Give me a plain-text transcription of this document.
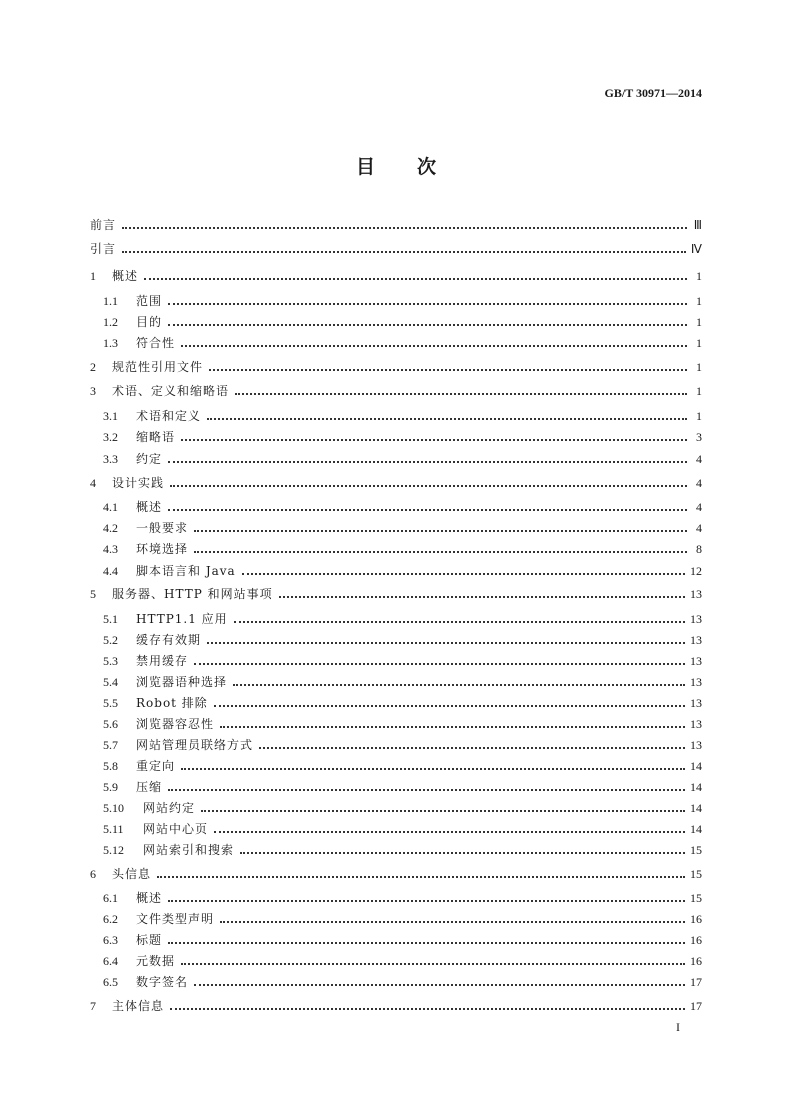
GB/T 30971—2014
目 次
前言	Ⅲ
引言	Ⅳ
1	概述	1
1.1	范围	1
1.2	目的	1
1.3	符合性	1
2	规范性引用文件	1
3	术语、定义和缩略语	1
3.1	术语和定义	1
3.2	缩略语	3
3.3	约定	4
4	设计实践	4
4.1	概述	4
4.2	一般要求	4
4.3	环境选择	8
4.4	脚本语言和 Java	12
5	服务器、HTTP 和网站事项	13
5.1	HTTP1.1 应用	13
5.2	缓存有效期	13
5.3	禁用缓存	13
5.4	浏览器语种选择	13
5.5	Robot 排除	13
5.6	浏览器容忍性	13
5.7	网站管理员联络方式	13
5.8	重定向	14
5.9	压缩	14
5.10	网站约定	14
5.11	网站中心页	14
5.12	网站索引和搜索	15
6	头信息	15
6.1	概述	15
6.2	文件类型声明	16
6.3	标题	16
6.4	元数据	16
6.5	数字签名	17
7	主体信息	17
I
